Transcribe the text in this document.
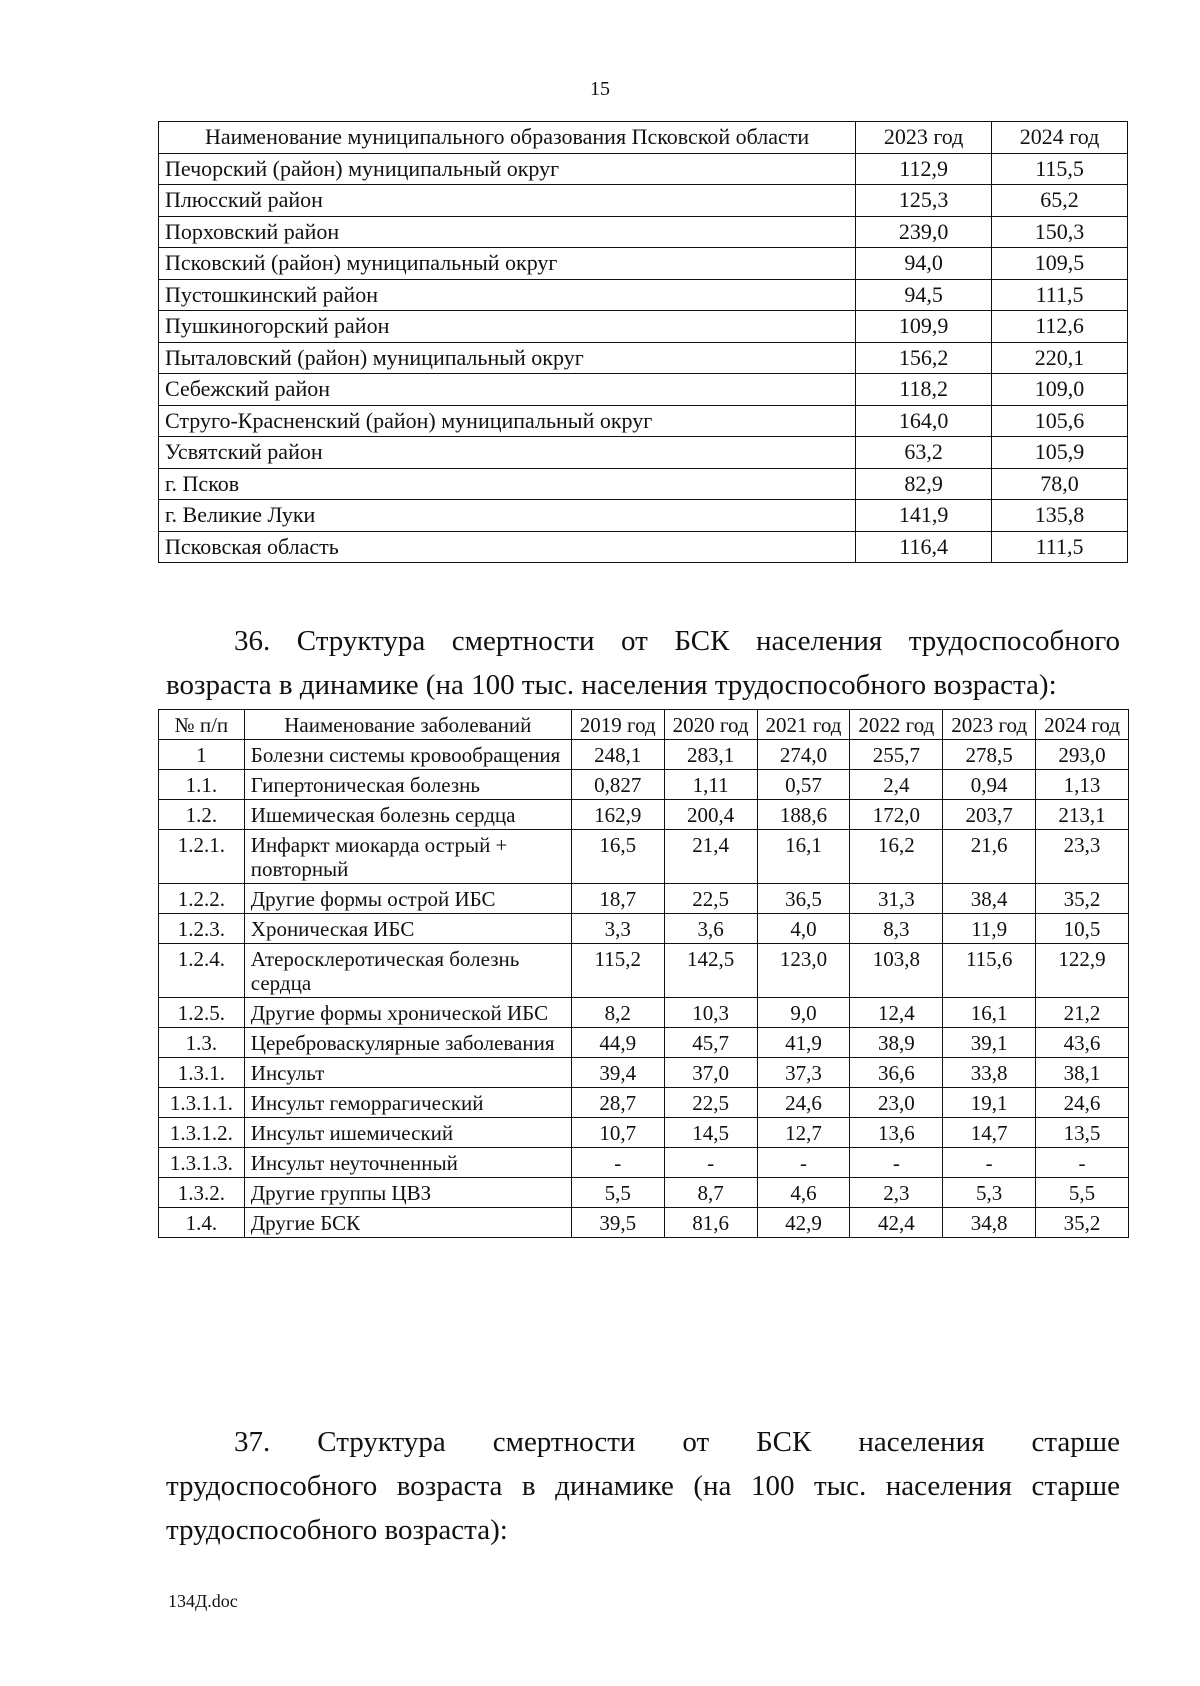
15
Наименование муниципального образования Псковской области	2023 год	2024 год
Печорский (район) муниципальный округ	112,9	115,5
Плюсский район	125,3	65,2
Порховский район	239,0	150,3
Псковский (район) муниципальный округ	94,0	109,5
Пустошкинский район	94,5	111,5
Пушкиногорский район	109,9	112,6
Пыталовский (район) муниципальный округ	156,2	220,1
Себежский район	118,2	109,0
Струго-Красненский (район) муниципальный округ	164,0	105,6
Усвятский район	63,2	105,9
г. Псков	82,9	78,0
г. Великие Луки	141,9	135,8
Псковская область	116,4	111,5

36. Структура смертности от БСК населения трудоспособного

возраста в динамике (на 100 тыс. населения трудоспособного возраста):

№ п/п	Наименование заболеваний	2019 год	2020 год	2021 год	2022 год	2023 год	2024 год
1	Болезни системы кровообращения	248,1	283,1	274,0	255,7	278,5	293,0
1.1.	Гипертоническая болезнь	0,827	1,11	0,57	2,4	0,94	1,13
1.2.	Ишемическая болезнь сердца	162,9	200,4	188,6	172,0	203,7	213,1
1.2.1.	Инфаркт миокарда острый + повторный	16,5	21,4	16,1	16,2	21,6	23,3
1.2.2.	Другие формы острой ИБС	18,7	22,5	36,5	31,3	38,4	35,2
1.2.3.	Хроническая ИБС	3,3	3,6	4,0	8,3	11,9	10,5
1.2.4.	Атеросклеротическая болезнь сердца	115,2	142,5	123,0	103,8	115,6	122,9
1.2.5.	Другие формы хронической ИБС	8,2	10,3	9,0	12,4	16,1	21,2
1.3.	Цереброваскулярные заболевания	44,9	45,7	41,9	38,9	39,1	43,6
1.3.1.	Инсульт	39,4	37,0	37,3	36,6	33,8	38,1
1.3.1.1.	Инсульт геморрагический	28,7	22,5	24,6	23,0	19,1	24,6
1.3.1.2.	Инсульт ишемический	10,7	14,5	12,7	13,6	14,7	13,5
1.3.1.3.	Инсульт неуточненный	-	-	-	-	-	-
1.3.2.	Другие группы ЦВЗ	5,5	8,7	4,6	2,3	5,3	5,5
1.4.	Другие БСК	39,5	81,6	42,9	42,4	34,8	35,2

37. Структура смертности от БСК населения старше

трудоспособного возраста в динамике (на 100 тыс. населения старше

трудоспособного возраста):

134Д.doc
